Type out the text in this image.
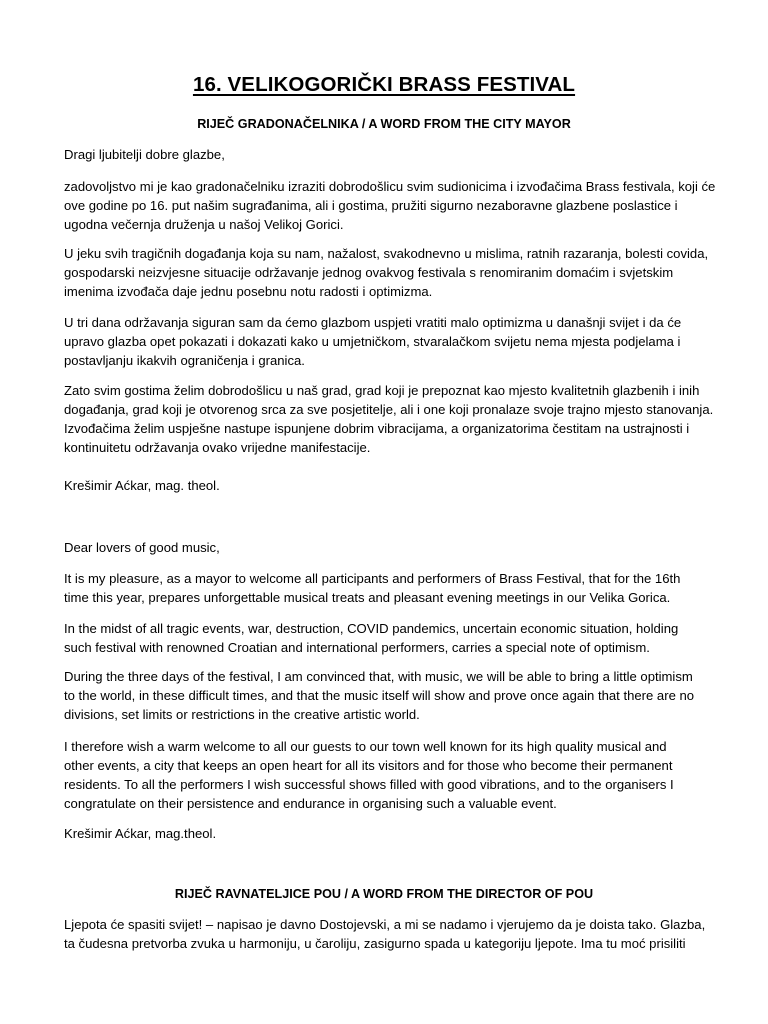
16. VELIKOGORIČKI BRASS FESTIVAL
RIJEČ GRADONAČELNIKA / A WORD FROM THE CITY MAYOR
Dragi ljubitelji dobre glazbe,
zadovoljstvo mi je kao gradonačelniku izraziti dobrodošlicu svim sudionicima i izvođačima Brass festivala, koji će
ove godine po 16. put našim sugrađanima, ali i gostima, pružiti sigurno nezaboravne glazbene poslastice i
ugodna večernja druženja u našoj Velikoj Gorici.
U jeku svih tragičnih događanja koja su nam, nažalost, svakodnevno u mislima, ratnih razaranja, bolesti covida,
gospodarski neizvjesne situacije održavanje jednog ovakvog festivala s renomiranim domaćim i svjetskim
imenima izvođača daje jednu posebnu notu radosti i optimizma.
U tri dana održavanja siguran sam da ćemo glazbom uspjeti vratiti malo optimizma u današnji svijet i da će
upravo glazba opet pokazati i dokazati kako u umjetničkom, stvaralačkom svijetu nema mjesta podjelama i
postavljanju ikakvih ograničenja i granica.
Zato svim gostima želim dobrodošlicu u naš grad, grad koji je prepoznat kao mjesto kvalitetnih glazbenih i inih
događanja, grad koji je otvorenog srca za sve posjetitelje, ali i one koji pronalaze svoje trajno mjesto stanovanja.
Izvođačima želim uspješne nastupe ispunjene dobrim vibracijama, a organizatorima čestitam na ustrajnosti i
kontinuitetu održavanja ovako vrijedne manifestacije.
Krešimir Aćkar, mag. theol.
Dear lovers of good music,
It is my pleasure, as a mayor to welcome all participants and performers of Brass Festival, that for the 16th
time this year, prepares unforgettable musical treats and pleasant evening meetings in our Velika Gorica.
In the midst of all tragic events, war, destruction, COVID pandemics, uncertain economic situation, holding
such festival with renowned Croatian and international performers, carries a special note of optimism.
During the three days of the festival, I am convinced that, with music, we will be able to bring a little optimism
to the world, in these difficult times, and that the music itself will show and prove once again that there are no
divisions, set limits or restrictions in the creative artistic world.
I therefore wish a warm welcome to all our guests to our town well known for its high quality musical and
other events, a city that keeps an open heart for all its visitors and for those who become their permanent
residents. To all the performers I wish successful shows filled with good vibrations, and to the organisers I
congratulate on their persistence and endurance in organising such a valuable event.
Krešimir Aćkar, mag.theol.
RIJEČ RAVNATELJICE POU / A WORD FROM THE DIRECTOR OF POU
Ljepota će spasiti svijet! – napisao je davno Dostojevski, a mi se nadamo i vjerujemo da je doista tako. Glazba,
ta čudesna pretvorba zvuka u harmoniju, u čaroliju, zasigurno spada u kategoriju ljepote. Ima tu moć prisiliti
